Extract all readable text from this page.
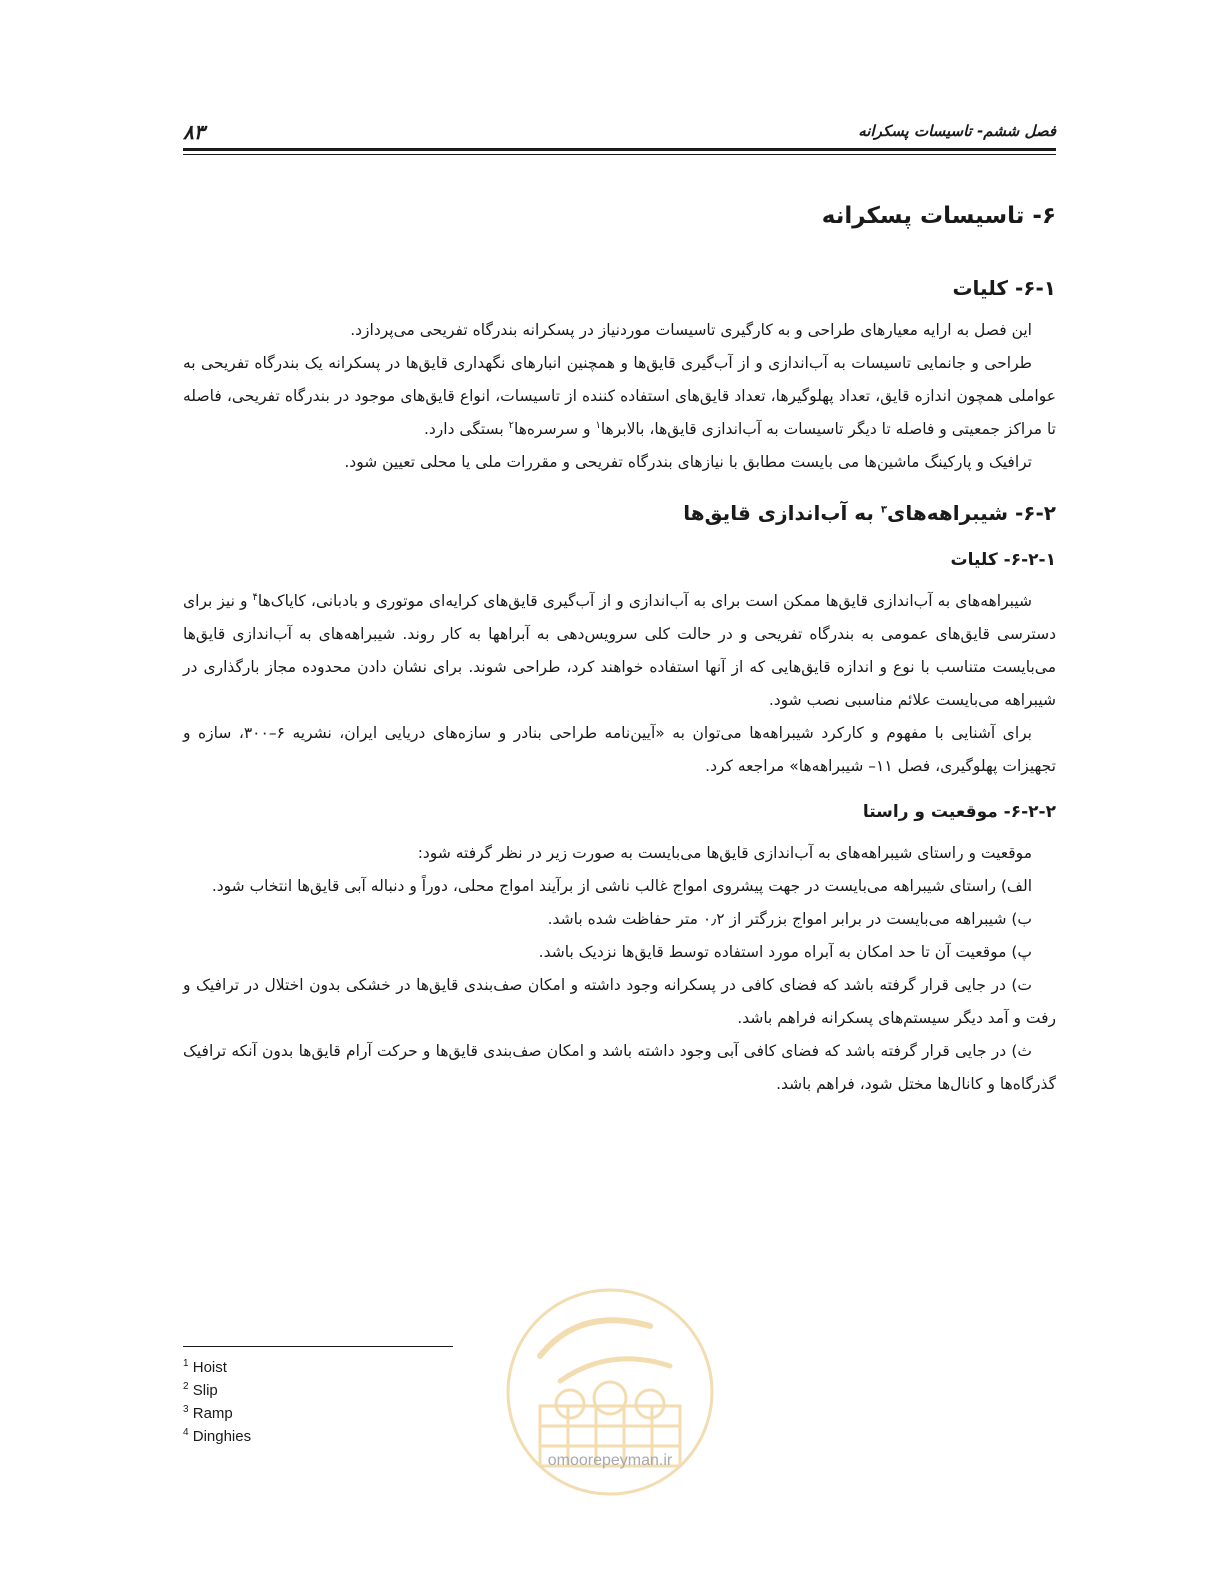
۸۳	فصل ششم- تاسیسات پسکرانه
۶- تاسیسات پسکرانه
۶-۱- کلیات

این فصل به ارایه معیارهای طراحی و به کارگیری تاسیسات موردنیاز در پسکرانه بندرگاه تفریحی می‌پردازد.

طراحی و جانمایی تاسیسات به آب‌اندازی و از آب‌گیری قایق‌ها و همچنین انبارهای نگهداری قایق‌ها در پسکرانه یک بندرگاه تفریحی به عواملی همچون اندازه قایق، تعداد پهلوگیرها، تعداد قایق‌های استفاده کننده از تاسیسات، انواع قایق‌های موجود در بندرگاه تفریحی، فاصله تا مراکز جمعیتی و فاصله تا دیگر تاسیسات به آب‌اندازی قایق‌ها، بالابرها$^۱$ و سرسره‌ها$^۲$ بستگی دارد.

ترافیک و پارکینگ ماشین‌ها می بایست مطابق با نیازهای بندرگاه تفریحی و مقررات ملی یا محلی تعیین شود.

۶-۲- شیبراهه‌های$^۳$ به آب‌اندازی قایق‌ها
۶-۲-۱- کلیات

شیبراهه‌های به آب‌اندازی قایق‌ها ممکن است برای به آب‌اندازی و از آب‌گیری قایق‌های کرایه‌ای موتوری و بادبانی، کایاک‌ها$^۴$ و نیز برای دسترسی قایق‌های عمومی به بندرگاه تفریحی و در حالت کلی سرویس‌دهی به آبراهها به کار روند. شیبراهه‌های به آب‌اندازی قایق‌ها می‌بایست متناسب با نوع و اندازه قایق‌هایی که از آنها استفاده خواهند کرد، طراحی شوند. برای نشان دادن محدوده مجاز بارگذاری در شیبراهه می‌بایست علائم مناسبی نصب شود.

برای آشنایی با مفهوم و کارکرد شیبراهه‌ها می‌توان به «آیین‌نامه طراحی بنادر و سازه‌های دریایی ایران، نشریه ۶–۳۰۰، سازه و تجهیزات پهلوگیری، فصل ۱۱– شیبراهه‌ها» مراجعه کرد.

۶-۲-۲- موقعیت و راستا

موقعیت و راستای شیبراهه‌های به آب‌اندازی قایق‌ها می‌بایست به صورت زیر در نظر گرفته شود:

الف) راستای شیبراهه می‌بایست در جهت پیشروی امواج غالب ناشی از برآیند امواج محلی، دوراً و دنباله آبی قایق‌ها انتخاب شود.

ب) شیبراهه می‌بایست در برابر امواج بزرگتر از ۰٫۲ متر حفاظت شده باشد.

پ) موقعیت آن تا حد امکان به آبراه مورد استفاده توسط قایق‌ها نزدیک باشد.

ت) در جایی قرار گرفته باشد که فضای کافی در پسکرانه وجود داشته و امکان صف‌بندی قایق‌ها در خشکی بدون اختلال در ترافیک و رفت و آمد دیگر سیستم‌های پسکرانه فراهم باشد.

ث) در جایی قرار گرفته باشد که فضای کافی آبی وجود داشته باشد و امکان صف‌بندی قایق‌ها و حرکت آرام قایق‌ها بدون آنکه ترافیک گذرگاه‌ها و کانال‌ها مختل شود، فراهم باشد.

$^1$ Hoist
$^2$ Slip
$^3$ Ramp
$^4$ Dinghies
omoorepeyman.ir
